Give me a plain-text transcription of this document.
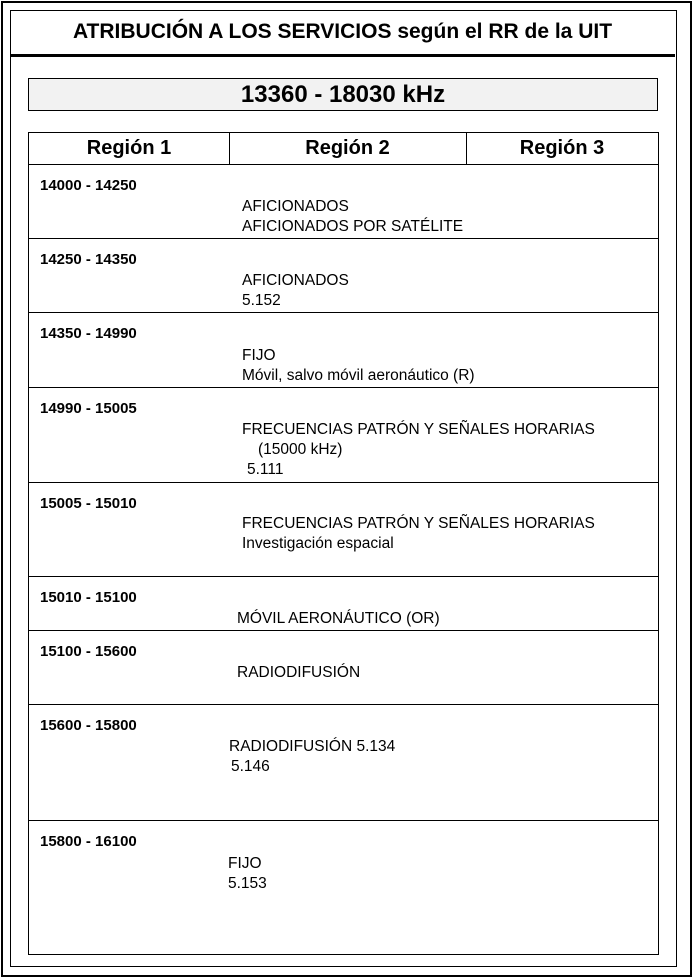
ATRIBUCIÓN A LOS SERVICIOS según el RR de la UIT
13360 - 18030 kHz
Región 1	Región 2	Región 3
14000 - 14250
AFICIONADOS
AFICIONADOS POR SATÉLITE
14250 - 14350
AFICIONADOS
5.152
14350 - 14990
FIJO
Móvil, salvo móvil aeronáutico (R)
14990 - 15005
FRECUENCIAS PATRÓN Y SEÑALES HORARIAS
(15000 kHz)
5.111
15005 - 15010
FRECUENCIAS PATRÓN Y SEÑALES HORARIAS
Investigación espacial
15010 - 15100
MÓVIL AERONÁUTICO (OR)
15100 - 15600
RADIODIFUSIÓN
15600 - 15800
RADIODIFUSIÓN 5.134
5.146
15800 - 16100
FIJO
5.153
